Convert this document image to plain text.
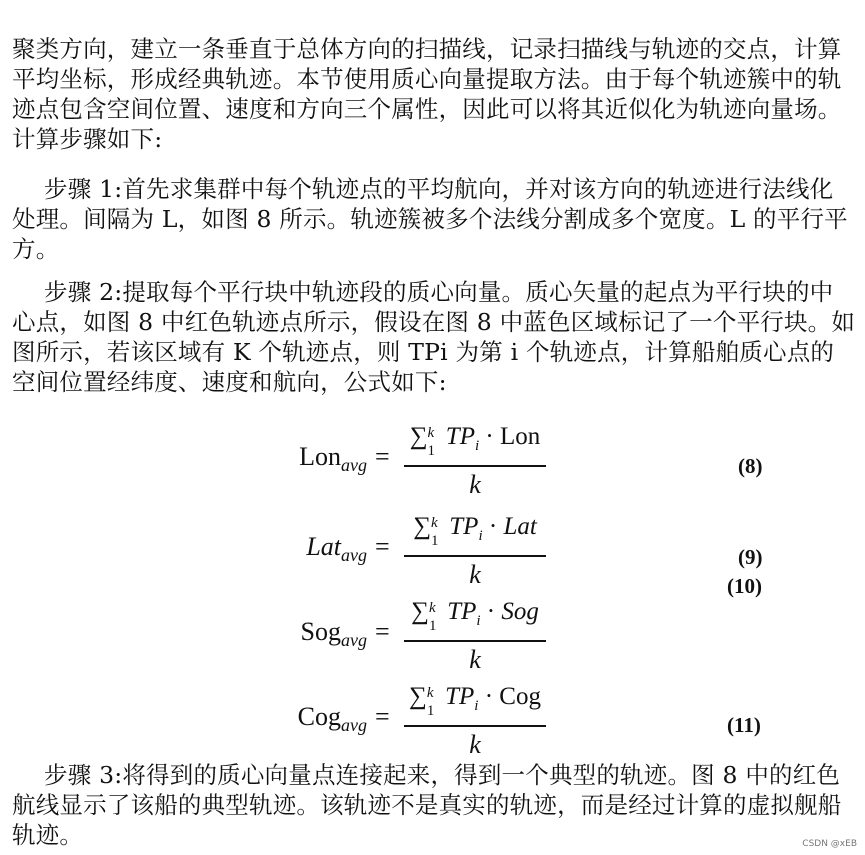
聚类方向，建立一条垂直于总体方向的扫描线，记录扫描线与轨迹的交点，计算平均坐标，形成经典轨迹。本节使用质心向量提取方法。由于每个轨迹簇中的轨迹点包含空间位置、速度和方向三个属性，因此可以将其近似化为轨迹向量场。计算步骤如下:

步骤 1:首先求集群中每个轨迹点的平均航向，并对该方向的轨迹进行法线化处理。间隔为 L，如图 8 所示。轨迹簇被多个法线分割成多个宽度。L 的平行平方。

步骤 2:提取每个平行块中轨迹段的质心向量。质心矢量的起点为平行块的中心点，如图 8 中红色轨迹点所示，假设在图 8 中蓝色区域标记了一个平行块。如图所示，若该区域有 K 个轨迹点，则 TPi 为第 i 个轨迹点，计算船舶质心点的空间位置经纬度、速度和航向，公式如下:

Lon$_{avg}$ =
∑ k
1
$TP_i$ · Lon
k
(8)
Lat$_{avg}$ =
∑ k
1
$TP_i$ · Lat
k
(9)
(10)
Sog$_{avg}$ =
∑ k
1
$TP_i$ · Sog
k
Cog$_{avg}$ =
∑ k
1
$TP_i$ · Cog
k
(11)

步骤 3:将得到的质心向量点连接起来，得到一个典型的轨迹。图 8 中的红色航线显示了该船的典型轨迹。该轨迹不是真实的轨迹，而是经过计算的虚拟舰船轨迹。	CSDN @xEB
